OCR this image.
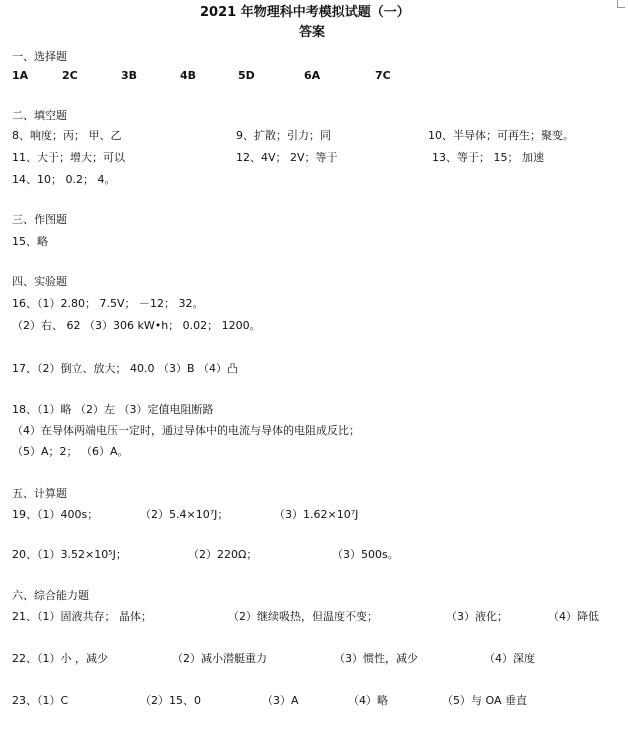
2021 年物理科中考模拟试题（一）
答案
一、选择题
1A	2C	3B	4B	5D	6A	7C
二、填空题
8、响度；丙； 甲、乙	9、扩散；引力；同	10、半导体；可再生；聚变。
11、大于；增大；可以	12、4V； 2V；等于	13、等于； 15； 加速
14、10； 0.2； 4。
三、作图题
15、略
四、实验题
16、（1）2.80； 7.5V； －12； 32。
（2）右、 62 （3）306 kW•h； 0.02； 1200。
17、（2）倒立、放大； 40.0 （3）B （4）凸
18、（1）略 （2）左 （3）定值电阻断路
（4）在导体两端电压一定时，通过导体中的电流与导体的电阻成反比；
（5）A；2； （6）A。
五、计算题
19、（1）400s；	（2）5.4×10⁷J；	（3）1.62×10⁷J
20、（1）3.52×10⁵J；	（2）220Ω；	（3）500s。
六、综合能力题
21、（1）固液共存； 晶体；	（2）继续吸热，但温度不变；	（3）液化；	（4）降低
22、（1）小 ，减少	（2）减小潜艇重力	（3）惯性，减少	（4）深度
23、（1）C	（2）15、0	（3）A	（4）略	（5）与 OA 垂直
